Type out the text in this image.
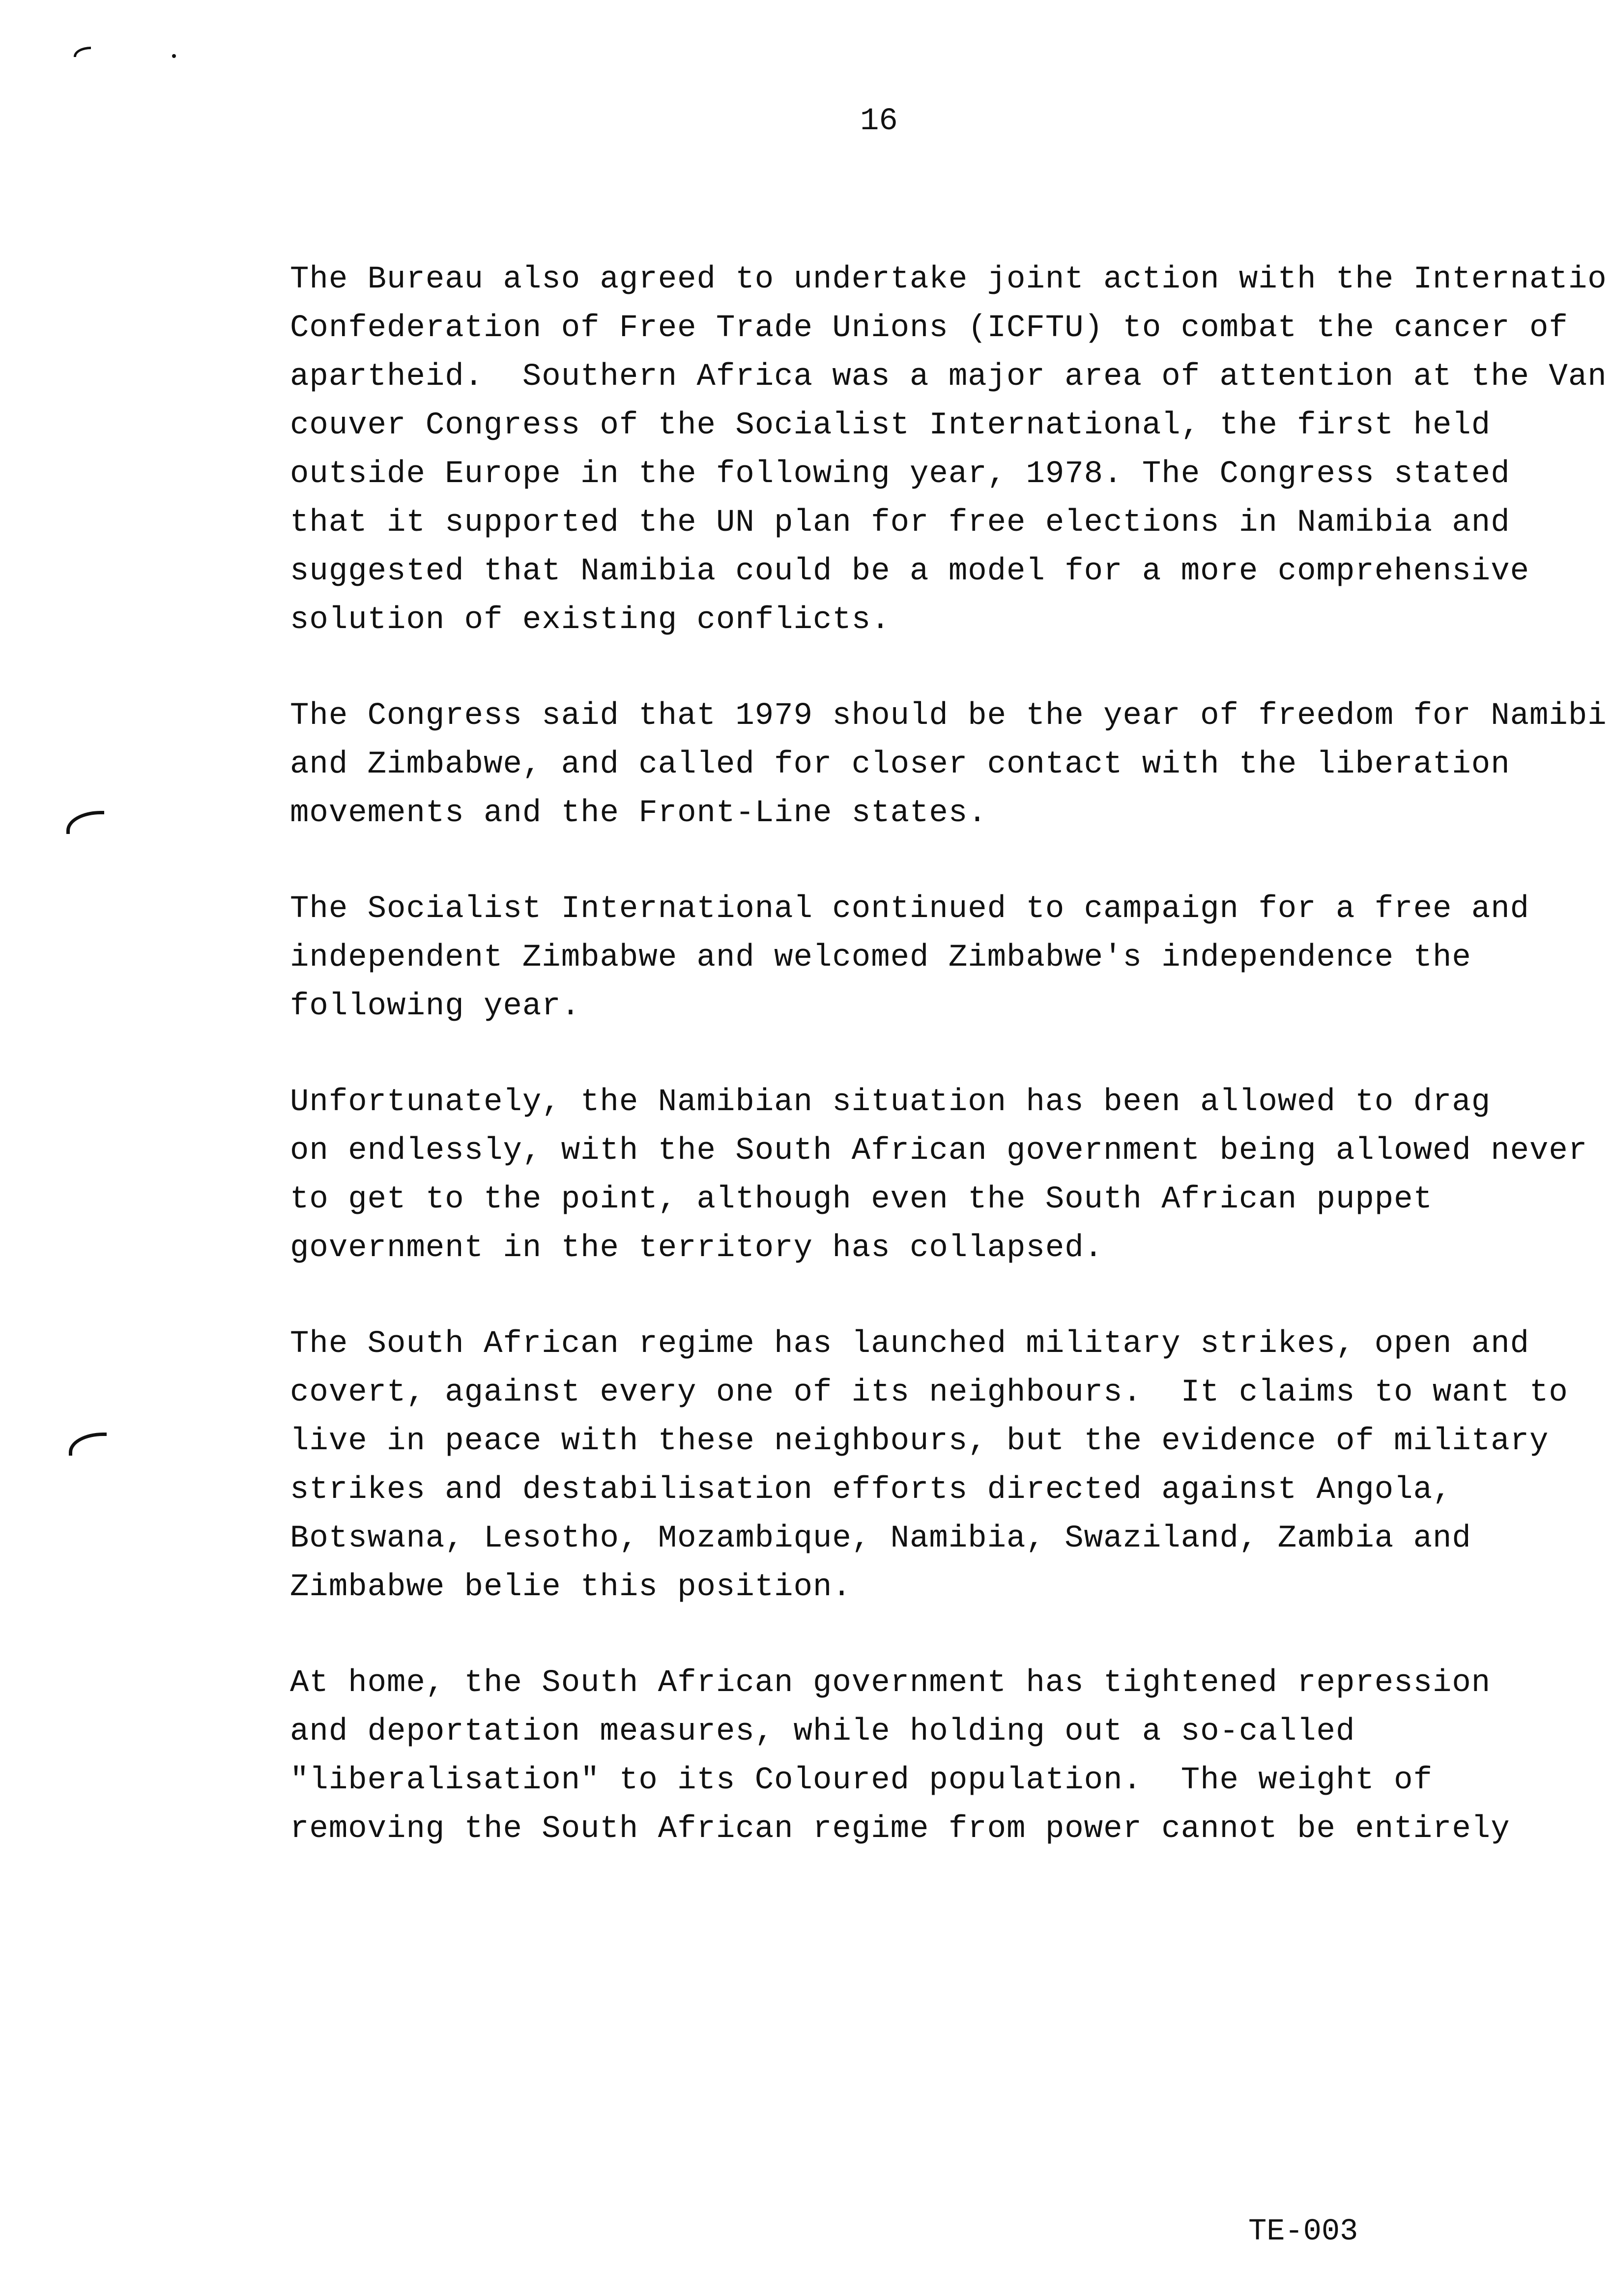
16
The Bureau also agreed to undertake joint action with the Internatio
Confederation of Free Trade Unions (ICFTU) to combat the cancer of
apartheid.  Southern Africa was a major area of attention at the Van
couver Congress of the Socialist International, the first held
outside Europe in the following year, 1978. The Congress stated
that it supported the UN plan for free elections in Namibia and
suggested that Namibia could be a model for a more comprehensive
solution of existing conflicts.
The Congress said that 1979 should be the year of freedom for Namibi
and Zimbabwe, and called for closer contact with the liberation
movements and the Front-Line states.
The Socialist International continued to campaign for a free and
independent Zimbabwe and welcomed Zimbabwe's independence the
following year.
Unfortunately, the Namibian situation has been allowed to drag
on endlessly, with the South African government being allowed never
to get to the point, although even the South African puppet
government in the territory has collapsed.
The South African regime has launched military strikes, open and
covert, against every one of its neighbours.  It claims to want to
live in peace with these neighbours, but the evidence of military
strikes and destabilisation efforts directed against Angola,
Botswana, Lesotho, Mozambique, Namibia, Swaziland, Zambia and
Zimbabwe belie this position.
At home, the South African government has tightened repression
and deportation measures, while holding out a so-called
"liberalisation" to its Coloured population.  The weight of
removing the South African regime from power cannot be entirely
TE-003
